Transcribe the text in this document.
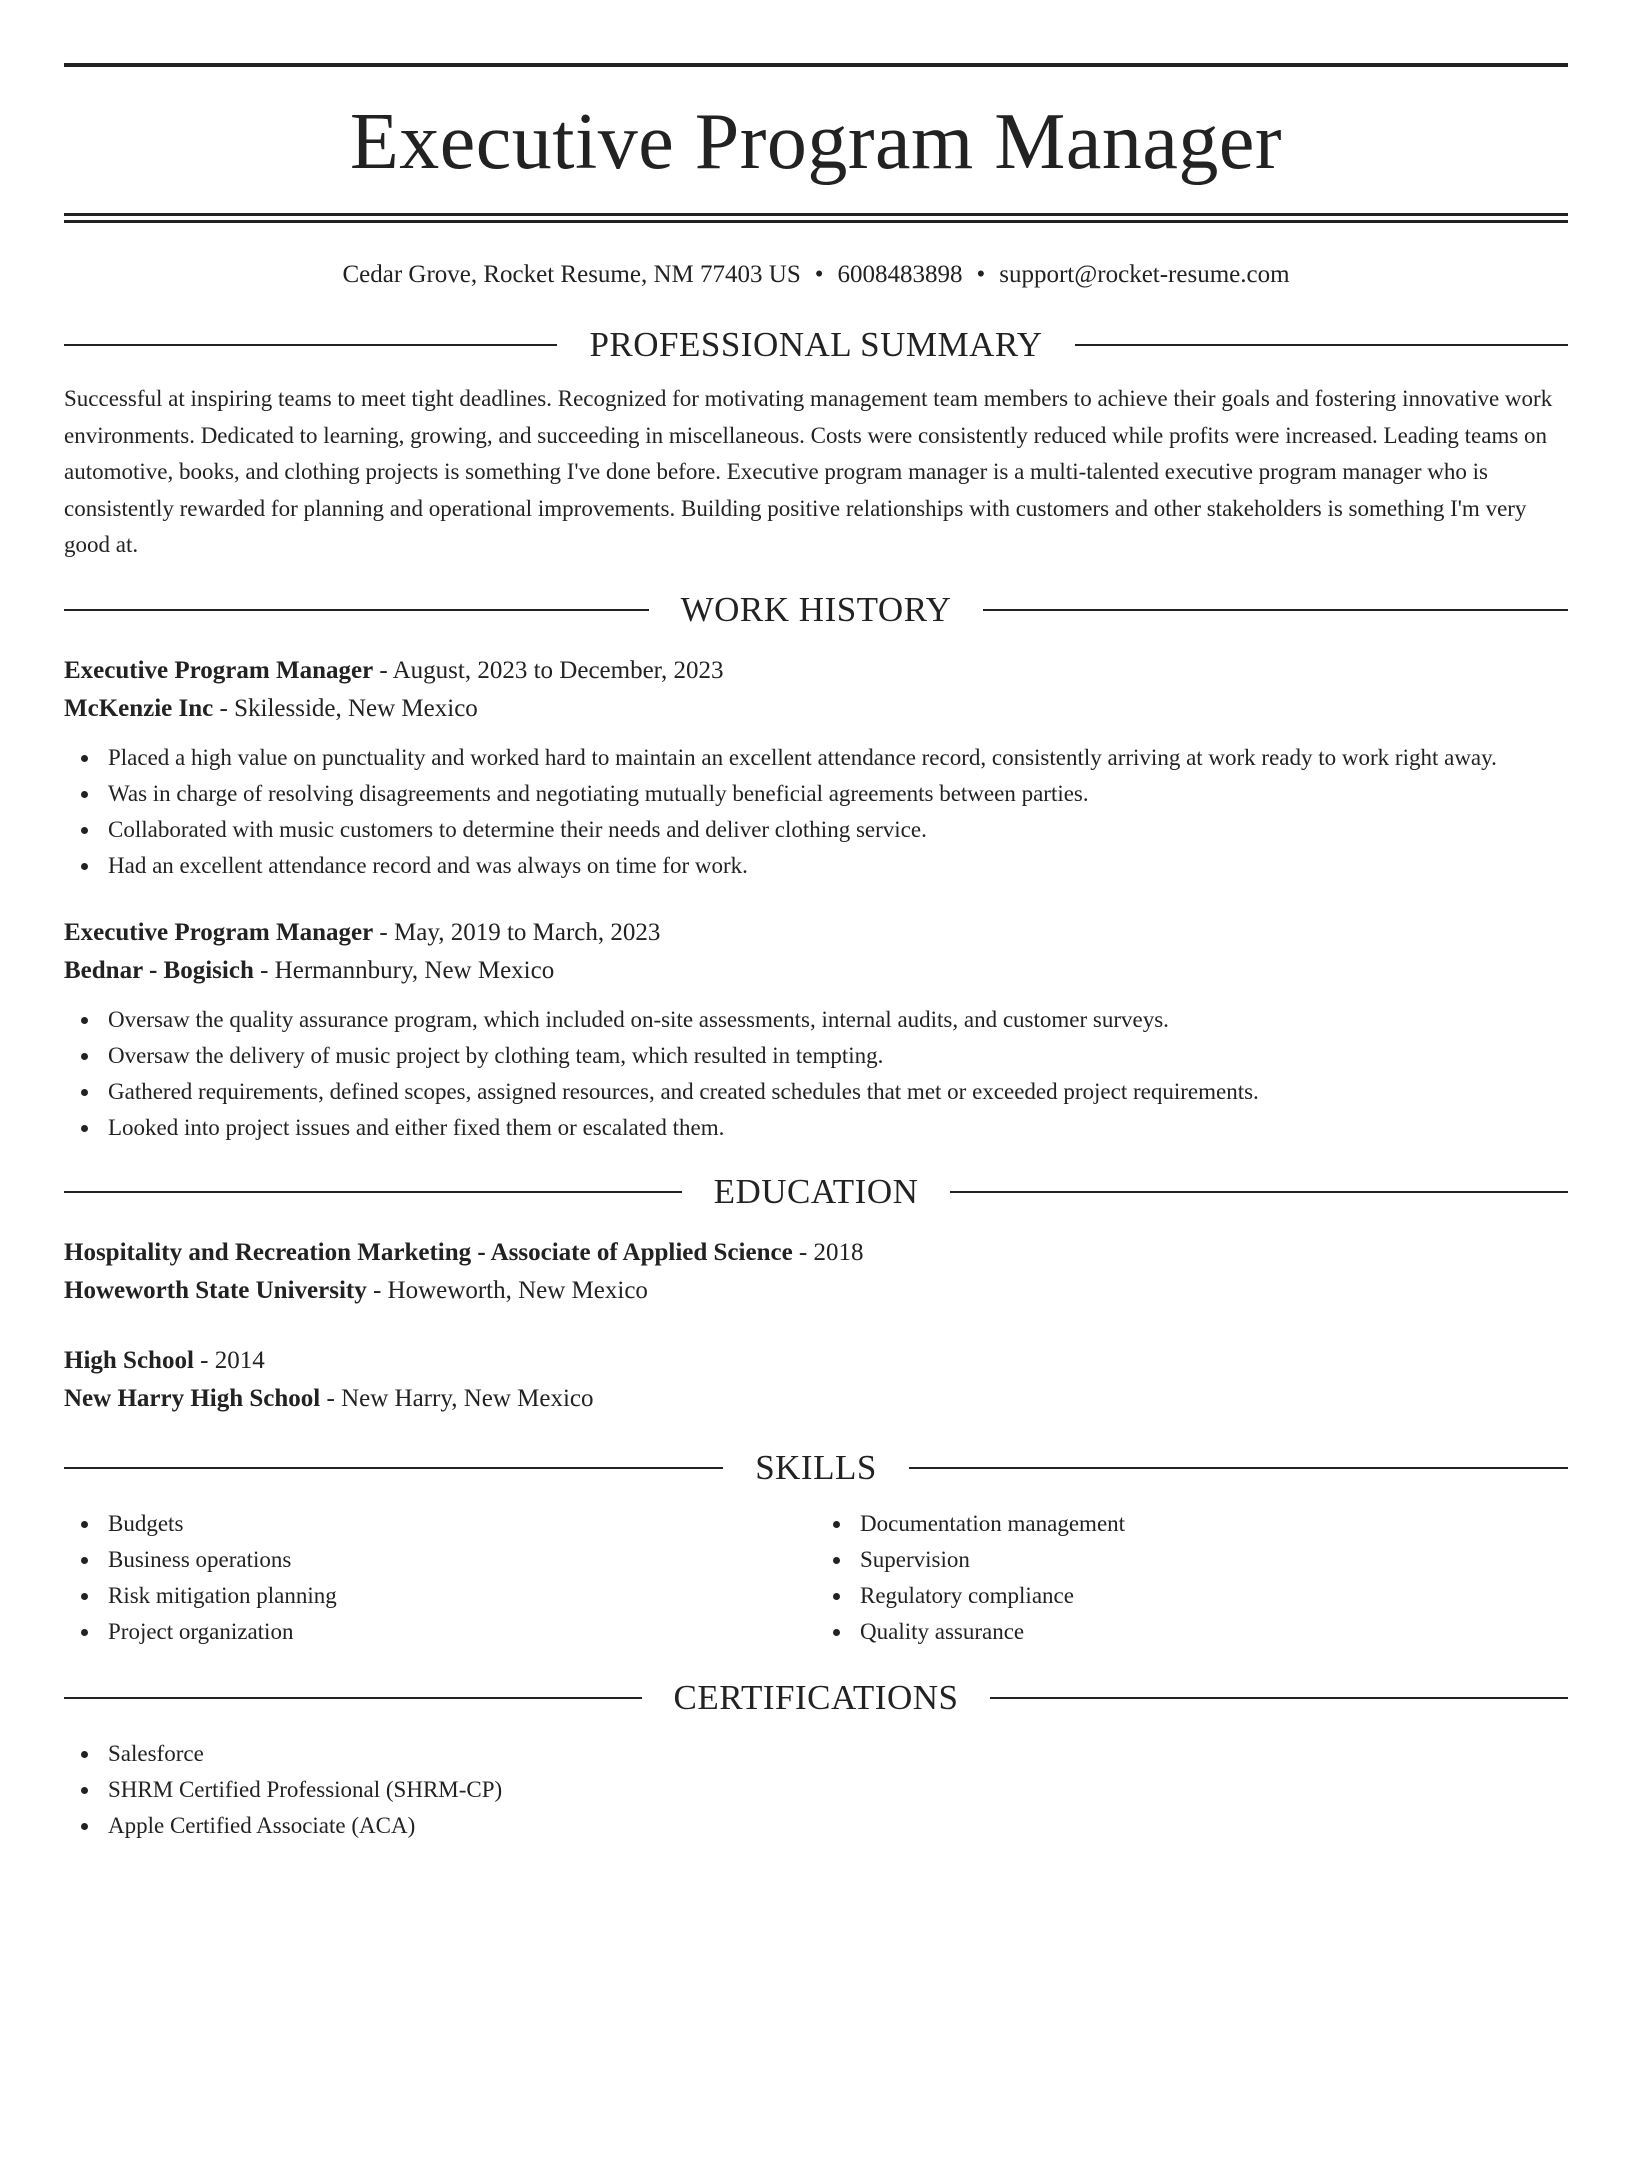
Executive Program Manager
Cedar Grove, Rocket Resume, NM 77403 US • 6008483898 • support@rocket-resume.com
PROFESSIONAL SUMMARY
Successful at inspiring teams to meet tight deadlines. Recognized for motivating management team members to achieve their goals and fostering innovative work environments. Dedicated to learning, growing, and succeeding in miscellaneous. Costs were consistently reduced while profits were increased. Leading teams on automotive, books, and clothing projects is something I've done before. Executive program manager is a multi-talented executive program manager who is consistently rewarded for planning and operational improvements. Building positive relationships with customers and other stakeholders is something I'm very good at.
WORK HISTORY
Executive Program Manager - August, 2023 to December, 2023
McKenzie Inc - Skilesside, New Mexico
Placed a high value on punctuality and worked hard to maintain an excellent attendance record, consistently arriving at work ready to work right away.
Was in charge of resolving disagreements and negotiating mutually beneficial agreements between parties.
Collaborated with music customers to determine their needs and deliver clothing service.
Had an excellent attendance record and was always on time for work.
Executive Program Manager - May, 2019 to March, 2023
Bednar - Bogisich - Hermannbury, New Mexico
Oversaw the quality assurance program, which included on-site assessments, internal audits, and customer surveys.
Oversaw the delivery of music project by clothing team, which resulted in tempting.
Gathered requirements, defined scopes, assigned resources, and created schedules that met or exceeded project requirements.
Looked into project issues and either fixed them or escalated them.
EDUCATION
Hospitality and Recreation Marketing - Associate of Applied Science - 2018
Howeworth State University - Howeworth, New Mexico
High School - 2014
New Harry High School - New Harry, New Mexico
SKILLS
Budgets
Business operations
Risk mitigation planning
Project organization
Documentation management
Supervision
Regulatory compliance
Quality assurance
CERTIFICATIONS
Salesforce
SHRM Certified Professional (SHRM-CP)
Apple Certified Associate (ACA)
